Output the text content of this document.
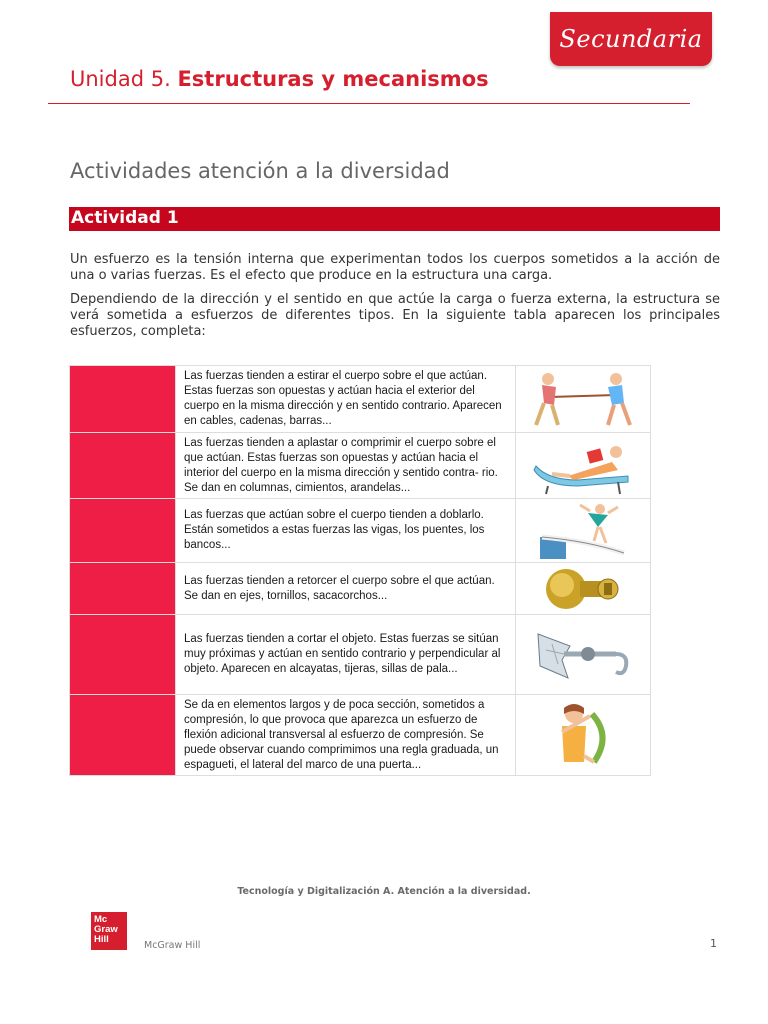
Secundaria
Unidad 5. Estructuras y mecanismos
Actividades atención a la diversidad
Actividad 1

Un esfuerzo es la tensión interna que experimentan todos los cuerpos sometidos a la acción de una o varias fuerzas. Es el efecto que produce en la estructura una carga.

Dependiendo de la dirección y el sentido en que actúe la carga o fuerza externa, la estructura se verá sometida a esfuerzos de diferentes tipos. En la siguiente tabla aparecen los principales esfuerzos, completa:

	Las fuerzas tienden a estirar el cuerpo sobre el que actúan. Estas fuerzas son opuestas y actúan hacia el exterior del cuerpo en la misma dirección y en sentido contrario. Aparecen en cables, cadenas, barras...	

	Las fuerzas tienden a aplastar o comprimir el cuerpo sobre el que actúan. Estas fuerzas son opuestas y actúan hacia el interior del cuerpo en la misma dirección y sentido contra- rio. Se dan en columnas, cimientos, arandelas...	

	Las fuerzas que actúan sobre el cuerpo tienden a doblarlo. Están sometidos a estas fuerzas las vigas, los puentes, los bancos...	

	Las fuerzas tienden a retorcer el cuerpo sobre el que actúan. Se dan en ejes, tornillos, sacacorchos...	

	Las fuerzas tienden a cortar el objeto. Estas fuerzas se sitúan muy próximas y actúan en sentido contrario y perpendicular al objeto. Aparecen en alcayatas, tijeras, sillas de pala...	

	Se da en elementos largos y de poca sección, sometidos a compresión, lo que provoca que aparezca un esfuerzo de flexión adicional transversal al esfuerzo de compresión. Se puede observar cuando comprimimos una regla graduada, un espagueti, el lateral del marco de una puerta...	
Tecnología y Digitalización A. Atención a la diversidad.
Mc
Graw
Hill
McGraw Hill	1
